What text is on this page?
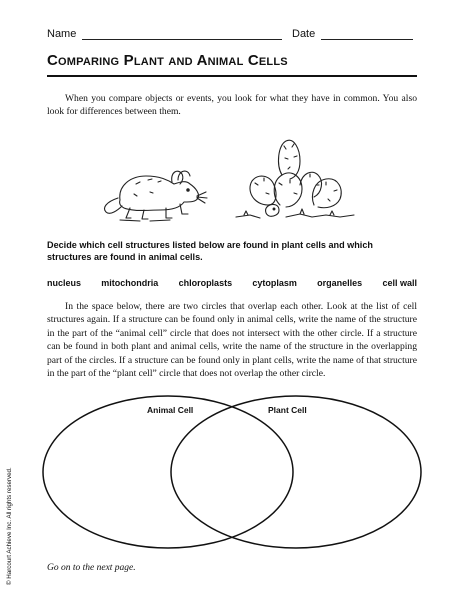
Name	Date
Comparing Plant and Animal Cells
When you compare objects or events, you look for what they have in common. You also look for differences between them.
Decide which cell structures listed below are found in plant cells and which structures are found in animal cells.
nucleus mitochondria chloroplasts cytoplasm organelles cell wall
In the space below, there are two circles that overlap each other. Look at the list of cell structures again. If a structure can be found only in animal cells, write the name of the structure in the part of the “animal cell” circle that does not intersect with the other circle. If a structure can be found in both plant and animal cells, write the name of the structure in the overlapping part of the circles. If a structure can be found only in plant cells, write the name of that structure in the part of the “plant cell” circle that does not overlap the other circle.
Animal Cell	Plant Cell
© Harcourt Achieve Inc. All rights reserved.	Go on to the next page.
